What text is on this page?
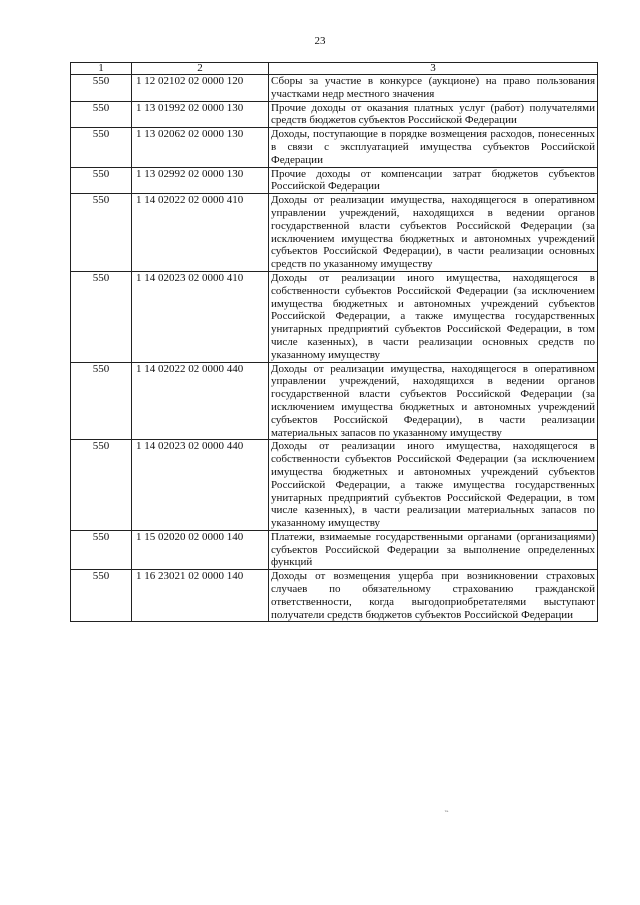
23
1	2	3
550	1 12 02102 02 0000 120	Сборы за участие в конкурсе (аукционе) на право пользования участками недр местного значения
550	1 13 01992 02 0000 130	Прочие доходы от оказания платных услуг (работ) получателями средств бюджетов субъектов Российской Федерации
550	1 13 02062 02 0000 130	Доходы, поступающие в порядке возмещения расходов, понесенных в связи с эксплуатацией имущества субъектов Российской Федерации
550	1 13 02992 02 0000 130	Прочие доходы от компенсации затрат бюджетов субъектов Российской Федерации
550	1 14 02022 02 0000 410	Доходы от реализации имущества, находящегося в оперативном управлении учреждений, находящихся в ведении органов государственной власти субъектов Российской Федерации (за исключением имущества бюджетных и автономных учреждений субъектов Российской Федерации), в части реализации основных средств по указанному имуществу
550	1 14 02023 02 0000 410	Доходы от реализации иного имущества, находящегося в собственности субъектов Российской Федерации (за исключением имущества бюджетных и автономных учреждений субъектов Российской Федерации, а также имущества государственных унитарных предприятий субъектов Российской Федерации, в том числе казенных), в части реализации основных средств по указанному имуществу
550	1 14 02022 02 0000 440	Доходы от реализации имущества, находящегося в оперативном управлении учреждений, находящихся в ведении органов государственной власти субъектов Российской Федерации (за исключением имущества бюджетных и автономных учреждений субъектов Российской Федерации), в части реализации материальных запасов по указанному имуществу
550	1 14 02023 02 0000 440	Доходы от реализации иного имущества, находящегося в собственности субъектов Российской Федерации (за исключением имущества бюджетных и автономных учреждений субъектов Российской Федерации, а также имущества государственных унитарных предприятий субъектов Российской Федерации, в том числе казенных), в части реализации материальных запасов по указанному имуществу
550	1 15 02020 02 0000 140	Платежи, взимаемые государственными органами (организациями) субъектов Российской Федерации за выполнение определенных функций
550	1 16 23021 02 0000 140	Доходы от возмещения ущерба при возникновении страховых случаев по обязательному страхованию гражданской ответственности, когда выгодоприобретателями выступают получатели средств бюджетов субъектов Российской Федерации
˵
